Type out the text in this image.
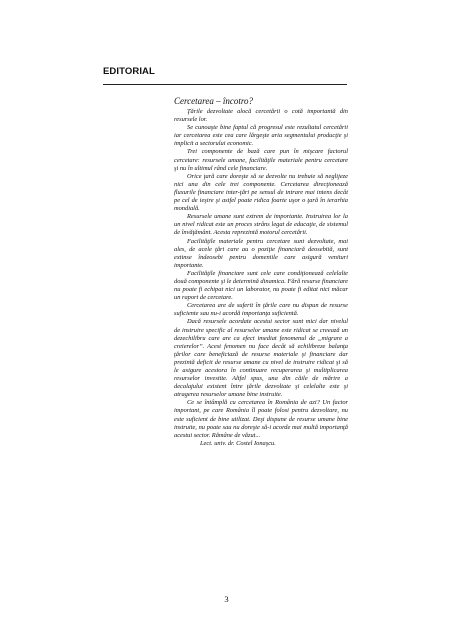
EDITORIAL

Cercetarea – încotro?

Ţările dezvoltate alocă cercetării o cotă importantă din resursele lor.

Se cunoaşte bine faptul că progresul este rezultatul cercetării iar cercetarea este cea care lărgeşte aria segmentului producţie şi implicit a sectorului economic.

Trei componente de bază care pun în mişcare factorul cercetare: resursele umane, facilităţile materiale pentru cercetare şi nu în ultimul rând cele financiare.

Orice ţară care doreşte să se dezvolte nu trebuie să neglijeze nici una din cele trei componente. Cercetarea direcţionează fluxurile financiare inter-ţări pe sensul de intrare mai intens decât pe cel de ieşire şi astfel poate ridica foarte uşor o ţară în ierarhia mondială.

Resursele umane sunt extrem de importante. Instruirea lor la un nivel ridicat este un proces strâns legat de educaţie, de sistemul de învăţământ. Acesta reprezintă motorul cercetării.

Facilităţile materiale pentru cercetare sunt dezvoltate, mai ales, de acele ţări care au o poziţie financiară deosebită, sunt extinse îndeosebi pentru domeniile care asigură venituri importante.

Facilităţile financiare sunt cele care condiţionează celelalte două componente şi le determină dinamica. Fără resurse financiare nu poate fi echipat nici un laborator, nu poate fi editat nici măcar un raport de cercetare.

Cercetarea are de suferit în ţările care nu dispun de resurse suficiente sau nu-i acordă importanţa suficientă.

Dacă resursele acordate acestui sector sunt mici dar nivelul de instruire specific al resurselor umane este ridicat se creează un dezechilibru care are ca efect imediat fenomenul de „migrare a creierelor”. Acest fenomen nu face decât să echilibreze balanţa ţărilor care beneficiază de resurse materiale şi financiare dar prezintă deficit de resurse umane cu nivel de instruire ridicat şi să le asigure acestora în continuare recuperarea şi multiplicarea resurselor investite. Altfel spus, una din căile de mărire a decalajului existent între ţările dezvoltate şi celelalte este şi atragerea resurselor umane bine instruite.

Ce se întâmplă cu cercetarea în România de azi? Un factor important, pe care România îl poate folosi pentru dezvoltare, nu este suficient de bine utilizat. Deşi dispune de resurse umane bine instruite, nu poate sau nu doreşte să-i acorde mai multă importanţă acestui sector. Rămâne de văzut...

Lect. univ. dr. Costel Ionaşcu.

3
